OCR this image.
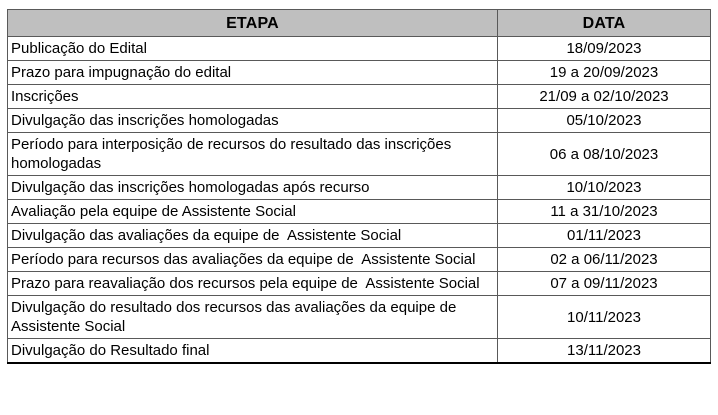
ETAPA	DATA
Publicação do Edital	18/09/2023
Prazo para impugnação do edital	19 a 20/09/2023
Inscrições	21/09 a 02/10/2023
Divulgação das inscrições homologadas	05/10/2023
Período para interposição de recursos do resultado das inscrições homologadas	06 a 08/10/2023
Divulgação das inscrições homologadas após recurso	10/10/2023
Avaliação pela equipe de Assistente Social	11 a 31/10/2023
Divulgação das avaliações da equipe de  Assistente Social	01/11/2023
Período para recursos das avaliações da equipe de  Assistente Social	02 a 06/11/2023
Prazo para reavaliação dos recursos pela equipe de  Assistente Social	07 a 09/11/2023
Divulgação do resultado dos recursos das avaliações da equipe de Assistente Social	10/11/2023
Divulgação do Resultado final	13/11/2023
